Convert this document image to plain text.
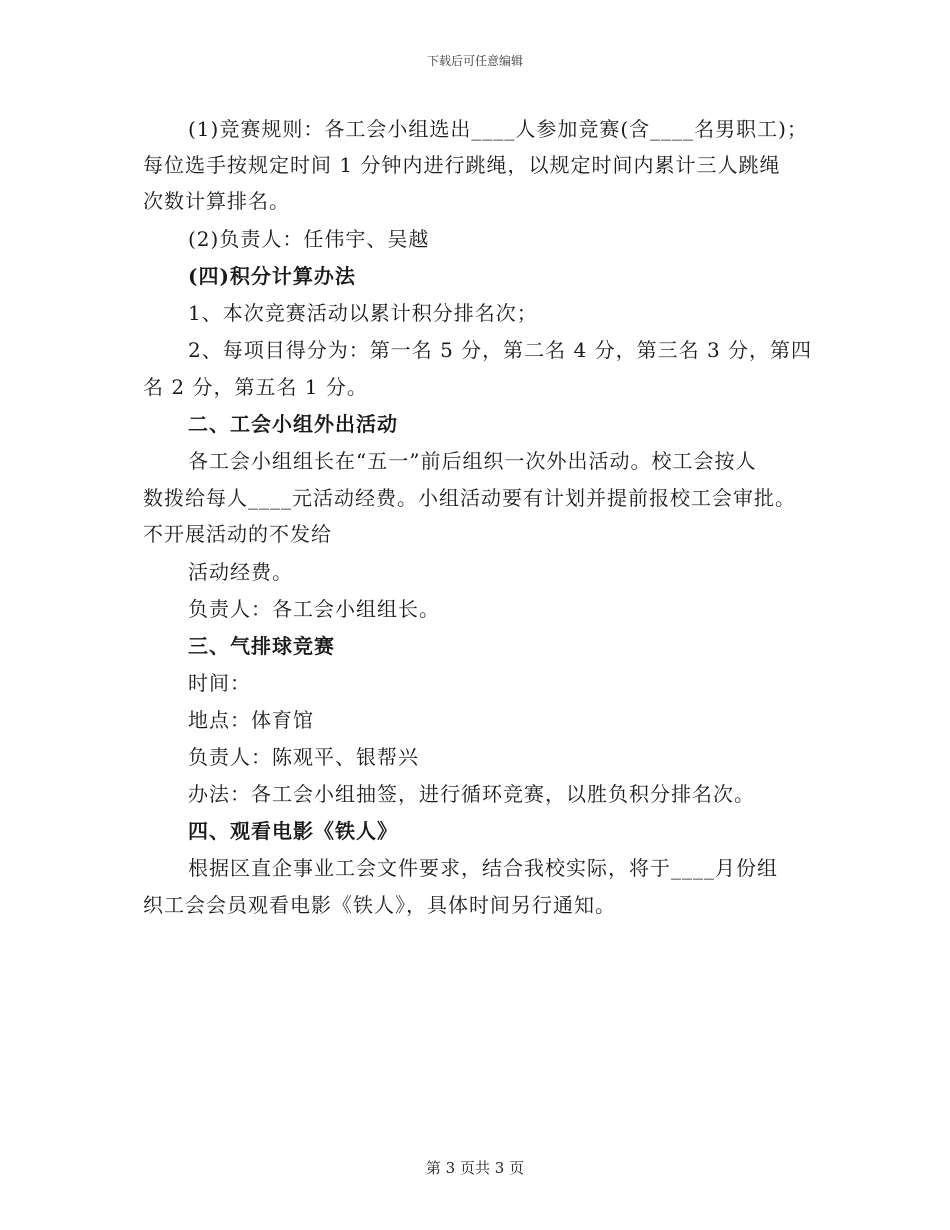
下载后可任意编辑
(1)竞赛规则：各工会小组选出____人参加竞赛(含____名男职工)；
每位选手按规定时间 1 分钟内进行跳绳，以规定时间内累计三人跳绳
次数计算排名。
(2)负责人：任伟宇、吴越
(四)积分计算办法
1、本次竞赛活动以累计积分排名次；
2、每项目得分为：第一名 5 分，第二名 4 分，第三名 3 分，第四
名 2 分，第五名 1 分。
二、工会小组外出活动
各工会小组组长在“五一”前后组织一次外出活动。校工会按人
数拨给每人____元活动经费。小组活动要有计划并提前报校工会审批。
不开展活动的不发给
活动经费。
负责人：各工会小组组长。
三、气排球竞赛
时间：
地点：体育馆
负责人：陈观平、银帮兴
办法：各工会小组抽签，进行循环竞赛，以胜负积分排名次。
四、观看电影《铁人》
根据区直企事业工会文件要求，结合我校实际，将于____月份组
织工会会员观看电影《铁人》，具体时间另行通知。
第 3 页共 3 页
